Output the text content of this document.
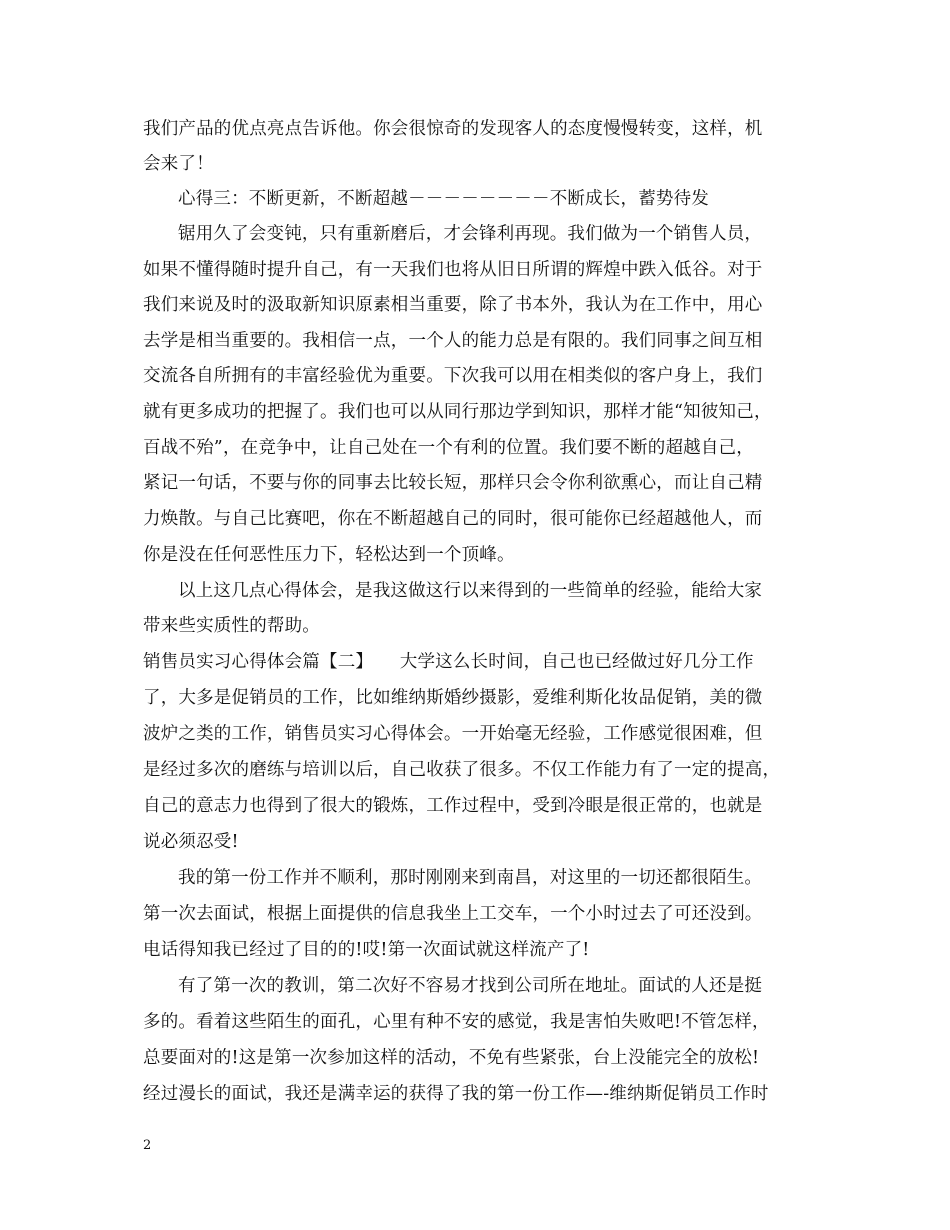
我们产品的优点亮点告诉他。你会很惊奇的发现客人的态度慢慢转变，这样，机
会来了！
心得三：不断更新，不断超越－－－－－－－－不断成长，蓄势待发
锯用久了会变钝，只有重新磨后，才会锋利再现。我们做为一个销售人员，
如果不懂得随时提升自己，有一天我们也将从旧日所谓的辉煌中跌入低谷。对于
我们来说及时的汲取新知识原素相当重要，除了书本外，我认为在工作中，用心
去学是相当重要的。我相信一点，一个人的能力总是有限的。我们同事之间互相
交流各自所拥有的丰富经验优为重要。下次我可以用在相类似的客户身上，我们
就有更多成功的把握了。我们也可以从同行那边学到知识，那样才能“知彼知己，
百战不殆”，在竞争中，让自己处在一个有利的位置。我们要不断的超越自己，
紧记一句话，不要与你的同事去比较长短，那样只会令你利欲熏心，而让自己精
力焕散。与自己比赛吧，你在不断超越自己的同时，很可能你已经超越他人，而
你是没在任何恶性压力下，轻松达到一个顶峰。
以上这几点心得体会，是我这做这行以来得到的一些简单的经验，能给大家
带来些实质性的帮助。
销售员实习心得体会篇【二】　　大学这么长时间，自己也已经做过好几分工作
了，大多是促销员的工作，比如维纳斯婚纱摄影，爱维利斯化妆品促销，美的微
波炉之类的工作，销售员实习心得体会。一开始毫无经验，工作感觉很困难，但
是经过多次的磨练与培训以后，自己收获了很多。不仅工作能力有了一定的提高，
自己的意志力也得到了很大的锻炼，工作过程中，受到冷眼是很正常的，也就是
说必须忍受!
我的第一份工作并不顺利，那时刚刚来到南昌，对这里的一切还都很陌生。
第一次去面试，根据上面提供的信息我坐上工交车，一个小时过去了可还没到。
电话得知我已经过了目的的!哎!第一次面试就这样流产了!
有了第一次的教训，第二次好不容易才找到公司所在地址。面试的人还是挺
多的。看着这些陌生的面孔，心里有种不安的感觉，我是害怕失败吧!不管怎样，
总要面对的!这是第一次参加这样的活动，不免有些紧张，台上没能完全的放松!
经过漫长的面试，我还是满幸运的获得了我的第一份工作—-维纳斯促销员工作时
2
